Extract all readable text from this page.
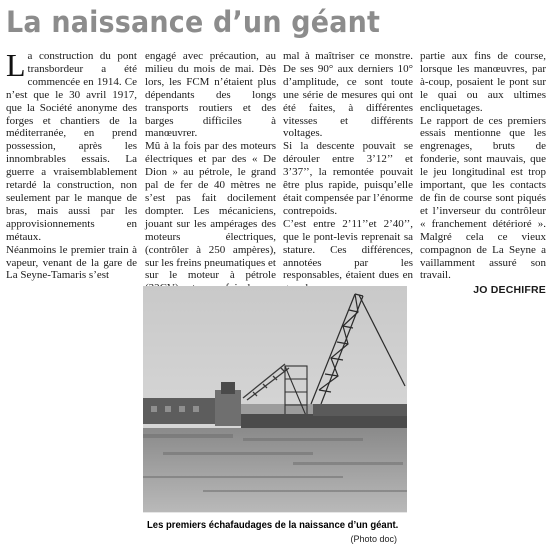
La naissance d’un géant

La construction du pont transbordeur a été commencée en 1914. Ce n’est que le 30 avril 1917, que la Société anonyme des forges et chantiers de la méditerranée, en prend possession, après les innombrables essais. La guerre a vraisemblablement retardé la construction, non seulement par le manque de bras, mais aussi par les approvisionnements en métaux.

Néanmoins le premier train à vapeur, venant de la gare de La Seyne-Tamaris s’est

engagé avec précaution, au milieu du mois de mai. Dès lors, les FCM n’étaient plus dépendants des longs transports routiers et des barges difficiles à manœuvrer.

Mû à la fois par des moteurs électriques et par des « De Dion » au pétrole, le grand pal de fer de 40 mètres ne s’est pas fait docilement dompter. Les mécaniciens, jouant sur les ampérages des moteurs électriques, (contrôler à 250 ampères), sur les freins pneumatiques et sur le moteur à pétrole

mal à maîtriser ce monstre. De ses 90° aux derniers 10° d’amplitude, ce sont toute une série de mesures qui ont été faites, à différentes vitesses et différents voltages.

Si la descente pouvait se dérouler entre 3’12’’ et 3’37’’, la remontée pouvait être plus rapide, puisqu’elle était compensée par l’énorme contrepoids.

C’est entre 2’11’’et 2’40’’, que le pont-levis reprenait sa stature. Ces différences, annotées par les responsables, étaient dues en

partie aux fins de course, lorsque les manœuvres, par à-coup, posaient le pont sur le quai ou aux ultimes encliquetages.

Le rapport de ces premiers essais mentionne que les engrenages, bruts de fonderie, sont mauvais, que le jeu longitudinal est trop important, que les contacts de fin de course sont piqués et l’inverseur du contrôleur « franchement détérioré ». Malgré cela ce vieux compagnon de La Seyne a vaillamment assuré son travail.

JO DECHIFRE
Les premiers échafaudages de la naissance d’un géant.
(Photo doc)
